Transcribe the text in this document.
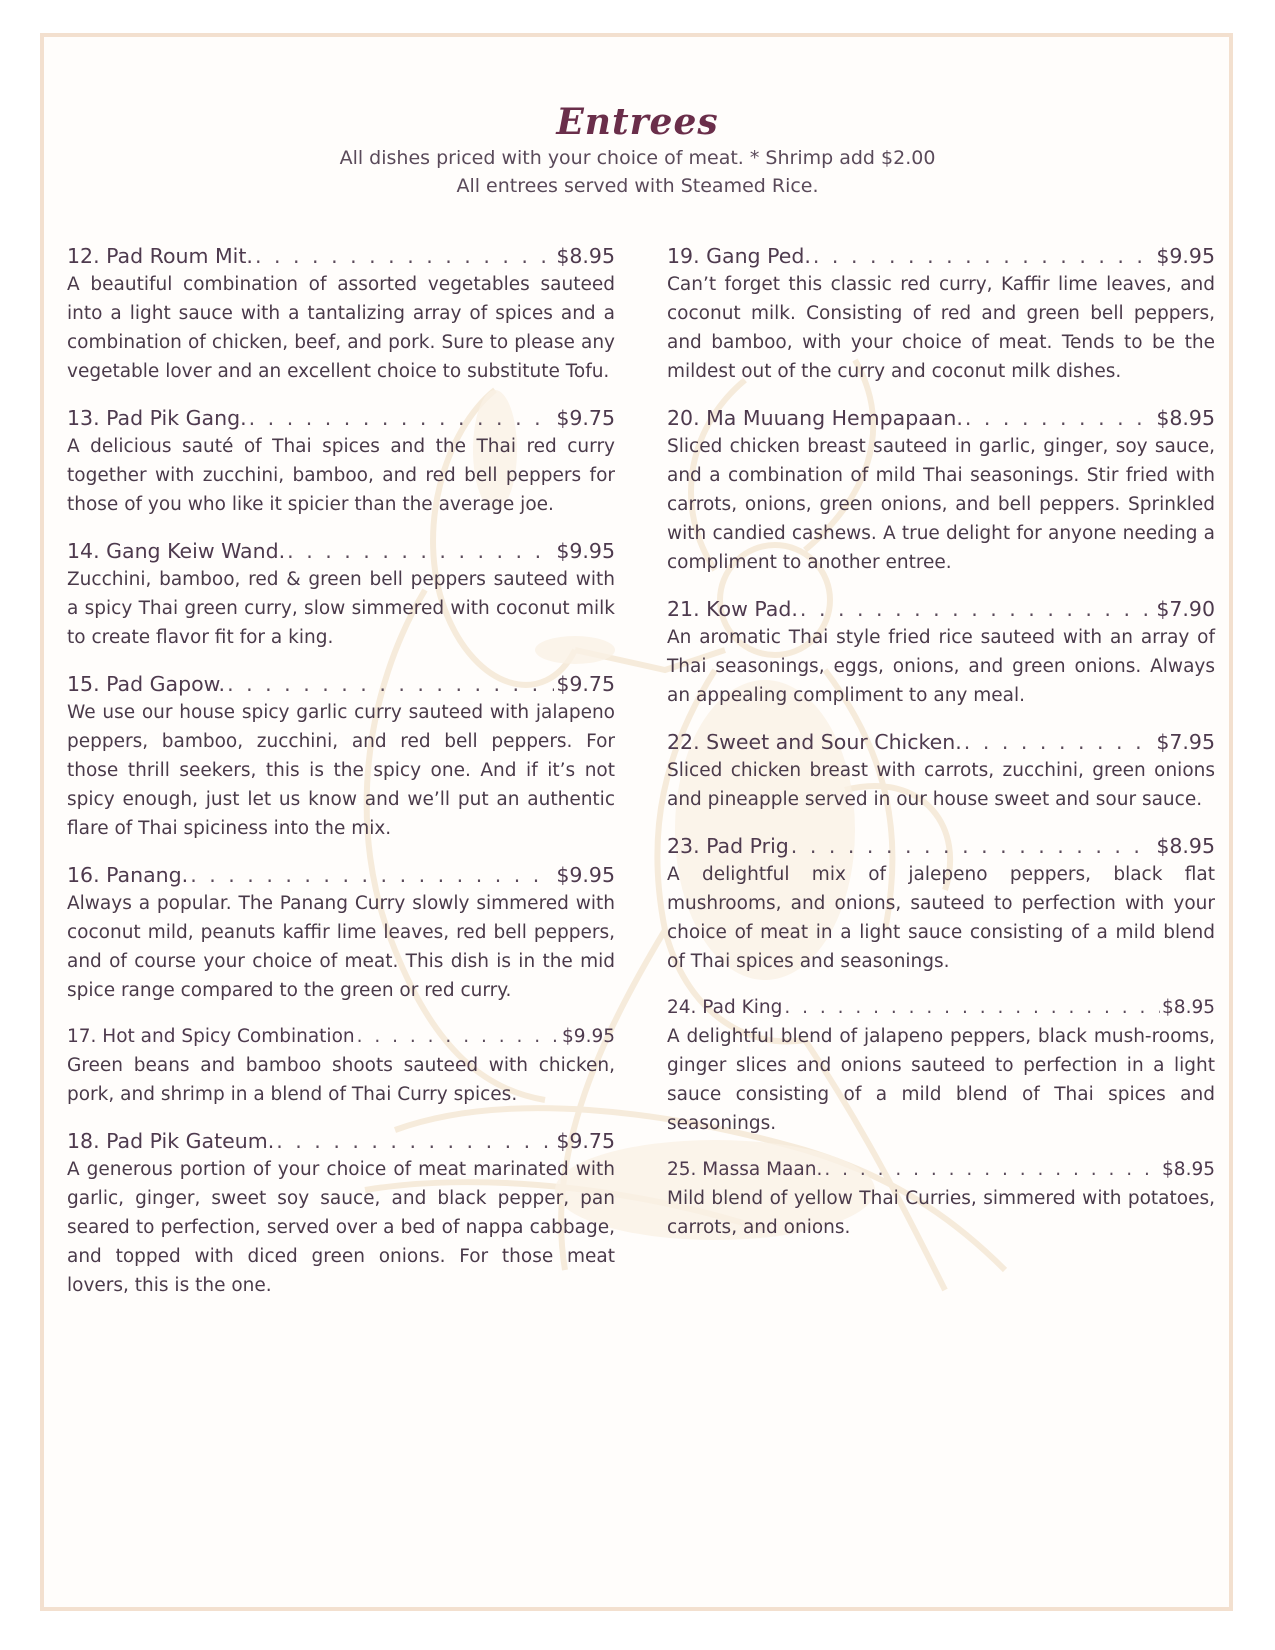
Entrees
All dishes priced with your choice of meat. * Shrimp add $2.00
All entrees served with Steamed Rice.
12. Pad Roum Mit. . . .	$8.95
A beautiful combination of assorted vegetables sauteed into a light sauce with a tantalizing array of spices and a combination of chicken, beef, and pork. Sure to please any vegetable lover and an excellent choice to substitute Tofu.
13. Pad Pik Gang. . . .	$9.75
A delicious sauté of Thai spices and the Thai red curry together with zucchini, bamboo, and red bell peppers for those of you who like it spicier than the average joe.
14. Gang Keiw Wand. . . .	$9.95
Zucchini, bamboo, red & green bell peppers sauteed with a spicy Thai green curry, slow simmered with coconut milk to create flavor fit for a king.
15. Pad Gapow. . . .	$9.75
We use our house spicy garlic curry sauteed with jalapeno peppers, bamboo, zucchini, and red bell peppers. For those thrill seekers, this is the spicy one. And if it’s not spicy enough, just let us know and we’ll put an authentic flare of Thai spiciness into the mix.
16. Panang. . . .	$9.95
Always a popular. The Panang Curry slowly simmered with coconut mild, peanuts kaffir lime leaves, red bell peppers, and of course your choice of meat. This dish is in the mid spice range compared to the green or red curry.
17. Hot and Spicy Combination . . .	$9.95
Green beans and bamboo shoots sauteed with chicken, pork, and shrimp in a blend of Thai Curry spices.
18. Pad Pik Gateum. . . .	$9.75
A generous portion of your choice of meat marinated with garlic, ginger, sweet soy sauce, and black pepper, pan seared to perfection, served over a bed of nappa cabbage, and topped with diced green onions. For those meat lovers, this is the one.
19. Gang Ped. . . .	$9.95
Can’t forget this classic red curry, Kaffir lime leaves, and coconut milk. Consisting of red and green bell peppers, and bamboo, with your choice of meat. Tends to be the mildest out of the curry and coconut milk dishes.
20. Ma Muuang Hempapaan. . . .	$8.95
Sliced chicken breast sauteed in garlic, ginger, soy sauce, and a combination of mild Thai seasonings. Stir fried with carrots, onions, green onions, and bell peppers. Sprinkled with candied cashews. A true delight for anyone needing a compliment to another entree.
21. Kow Pad. . . .	$7.90
An aromatic Thai style fried rice sauteed with an array of Thai seasonings, eggs, onions, and green onions. Always an appealing compliment to any meal.
22. Sweet and Sour Chicken. . . .	$7.95
Sliced chicken breast with carrots, zucchini, green onions and pineapple served in our house sweet and sour sauce.
23. Pad Prig . . .	$8.95
A delightful mix of jalepeno peppers, black flat mushrooms, and onions, sauteed to perfection with your choice of meat in a light sauce consisting of a mild blend of Thai spices and seasonings.
24. Pad King . . .	$8.95
A delightful blend of jalapeno peppers, black mush-rooms, ginger slices and onions sauteed to perfection in a light sauce consisting of a mild blend of Thai spices and seasonings.
25. Massa Maan. . . .	$8.95
Mild blend of yellow Thai Curries, simmered with potatoes, carrots, and onions.
